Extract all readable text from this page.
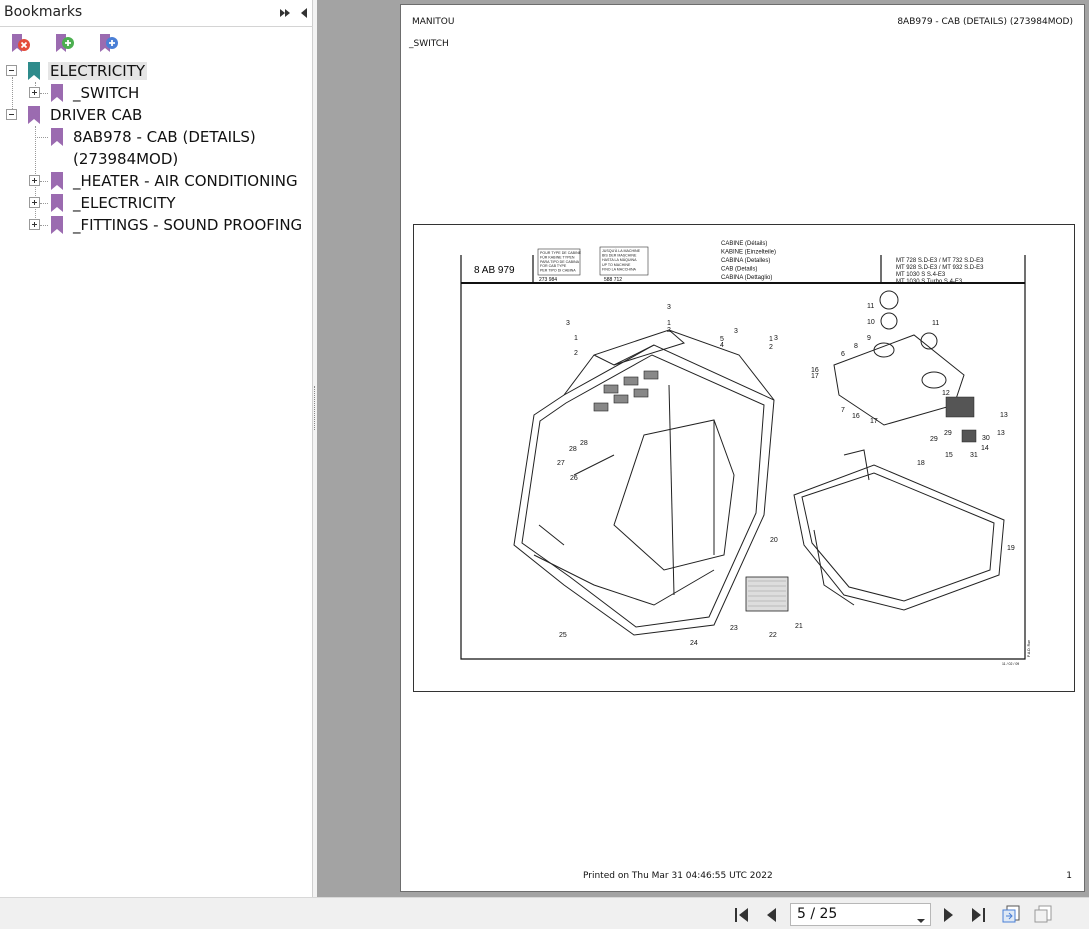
Bookmarks
ELECTRICITY
_SWITCH
DRIVER CAB
8AB978 - CAB (DETAILS)
(273984MOD)
_HEATER - AIR CONDITIONING
_ELECTRICITY
_FITTINGS - SOUND PROOFING
MANITOU	8AB979 - CAB (DETAILS) (273984MOD)
_SWITCH
8 AB 979
POUR TYPE DE CABINE
FÜR KABINE TYPEN
PARA TIPO DE CABINA
FOR CAB TYPE
PER TIPO DI CABINA
JUSQU'À LA MACHINE
BIS DER MASCHINE
HASTA LA MÁQUINA
UP TO MACHINE
FINO LA MACCHINA
273 984	588 712
CABINE (Détails)
KABINE (Einzelteile)
CABINA (Detalles)
CAB (Details)
CABINA (Dettaglio)
MT 728 S.D-E3 / MT 732 S.D-E3
MT 928 S.D-E3 / MT 932 S.D-E3
MT 1030 S S.4-E3
MT 1030 S Turbo S.4-E3
11 / 02 / 09
P.A.D. Rue
3
1
2
3
1
2
5
4
3
1
2
3
11
10	11
9
8
6
16
17
7
16
17
12
13
13
29
30
29
14
15 31
28
28
27
26
18
20
19
25
24
23
22
21
Printed on Thu Mar 31 04:46:55 UTC 2022	1
5 / 25
